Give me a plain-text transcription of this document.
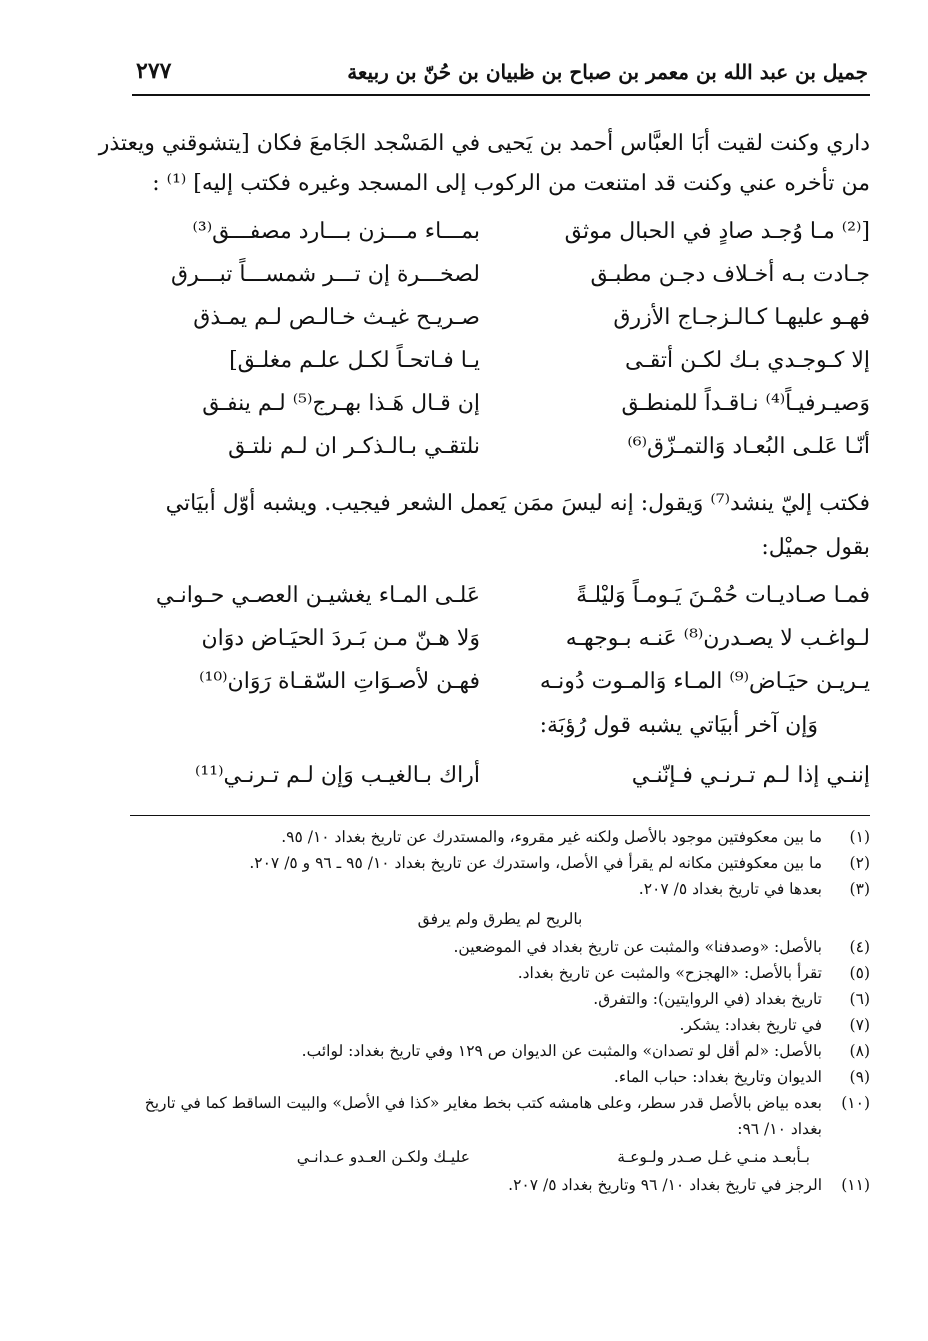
جميل بن عبد الله بن معمر بن صباح بن ظبيان بن حُنّ بن ربيعة
٢٧٧
داري وكنت لقيت أبَا العبَّاس أحمد بن يَحيى في المَسْجد الجَامعَ فكان [يتشوقني ويعتذر
من تأخره عني وكنت قد امتنعت من الركوب إلى المسجد وغيره فكتب إليه] ⁽¹⁾ :
[⁽²⁾ مـا وُجـد صادٍ في الحبال موثق
بمـــاء مـــزن بـــارد مصفـــق⁽³⁾
جـادت بـه أخـلاف دجـن مطبـق
لصخـــرة إن تـــر شمســـاً تبـــرق
فهـو عليهـا كـالـزجـاج الأزرق
صـريـح غيـث خـالـص لـم يمـذق
إلا كـوجـدي بـك لكـن أتقـى
يـا فـاتحـاً لكـل علـم مغلـق]
وَصيـرفيـاً⁽⁴⁾ نـاقـداً للمنطـق
إن قـال هَـذا بهـرج⁽⁵⁾ لـم ينفـق
أنّـا عَلـى البُعـاد وَالتمـزّق⁽⁶⁾
نلتقـي بـالـذكـر ان لـم نلتـق
فكتب إليّ ينشد⁽⁷⁾ وَيقول: إنه ليسَ ممَن يَعمل الشعر فيجيب. ويشبه أوّل أبيَاتي
بقول جميْل:
فمـا صـاديـات حُمْـنَ يَـومـاً وَليْلـةً
عَلـى المـاء يغشيـن العصـي حـوانـي
لـواغـب لا يصـدرن⁽⁸⁾ عَنـه بـوجهـه
وَلا هـنّ مـن بَـردَ الحيَـاض دوَان
يـريـن حيَـاض⁽⁹⁾ المـاء وَالمـوت دُونـه
فهـن لأصـوَاتِ السّقـاة رَوَان⁽¹⁰⁾
وَإن آخر أبيَاتي يشبه قول رُؤبَة:
إننـي إذا لـم تـرنـي فـإنّنـي
أراك بـالغيـب وَإن لـم تـرنـي⁽¹¹⁾
(١)
ما بين معكوفتين موجود بالأصل ولكنه غير مقروء، والمستدرك عن تاريخ بغداد ١٠/ ٩٥.
(٢)
ما بين معكوفتين مكانه لم يقرأ في الأصل، واستدرك عن تاريخ بغداد ١٠/ ٩٥ ـ ٩٦ و ٥/ ٢٠٧.
(٣)
بعدها في تاريخ بغداد ٥/ ٢٠٧.
بالريح لم يطرق ولم يرفق
(٤)
بالأصل: «وصدفنا» والمثبت عن تاريخ بغداد في الموضعين.
(٥)
تقرأ بالأصل: «الهجزح» والمثبت عن تاريخ بغداد.
(٦)
تاريخ بغداد (في الروايتين): والتفرق.
(٧)
في تاريخ بغداد: يشكر.
(٨)
بالأصل: «لم أقل لو تصدان» والمثبت عن الديوان ص ١٢٩ وفي تاريخ بغداد: لوائب.
(٩)
الديوان وتاريخ بغداد: حباب الماء.
(١٠)
بعده بياض بالأصل قدر سطر، وعلى هامشه كتب بخط مغاير «كذا في الأصل» والبيت الساقط كما في تاريخ
بغداد ١٠/ ٩٦:
بـأبعـد منـي غـل صـدر ولـوعـة
عليـك ولكـن العـدو عـدانـي
(١١)
الرجز في تاريخ بغداد ١٠/ ٩٦ وتاريخ بغداد ٥/ ٢٠٧.
